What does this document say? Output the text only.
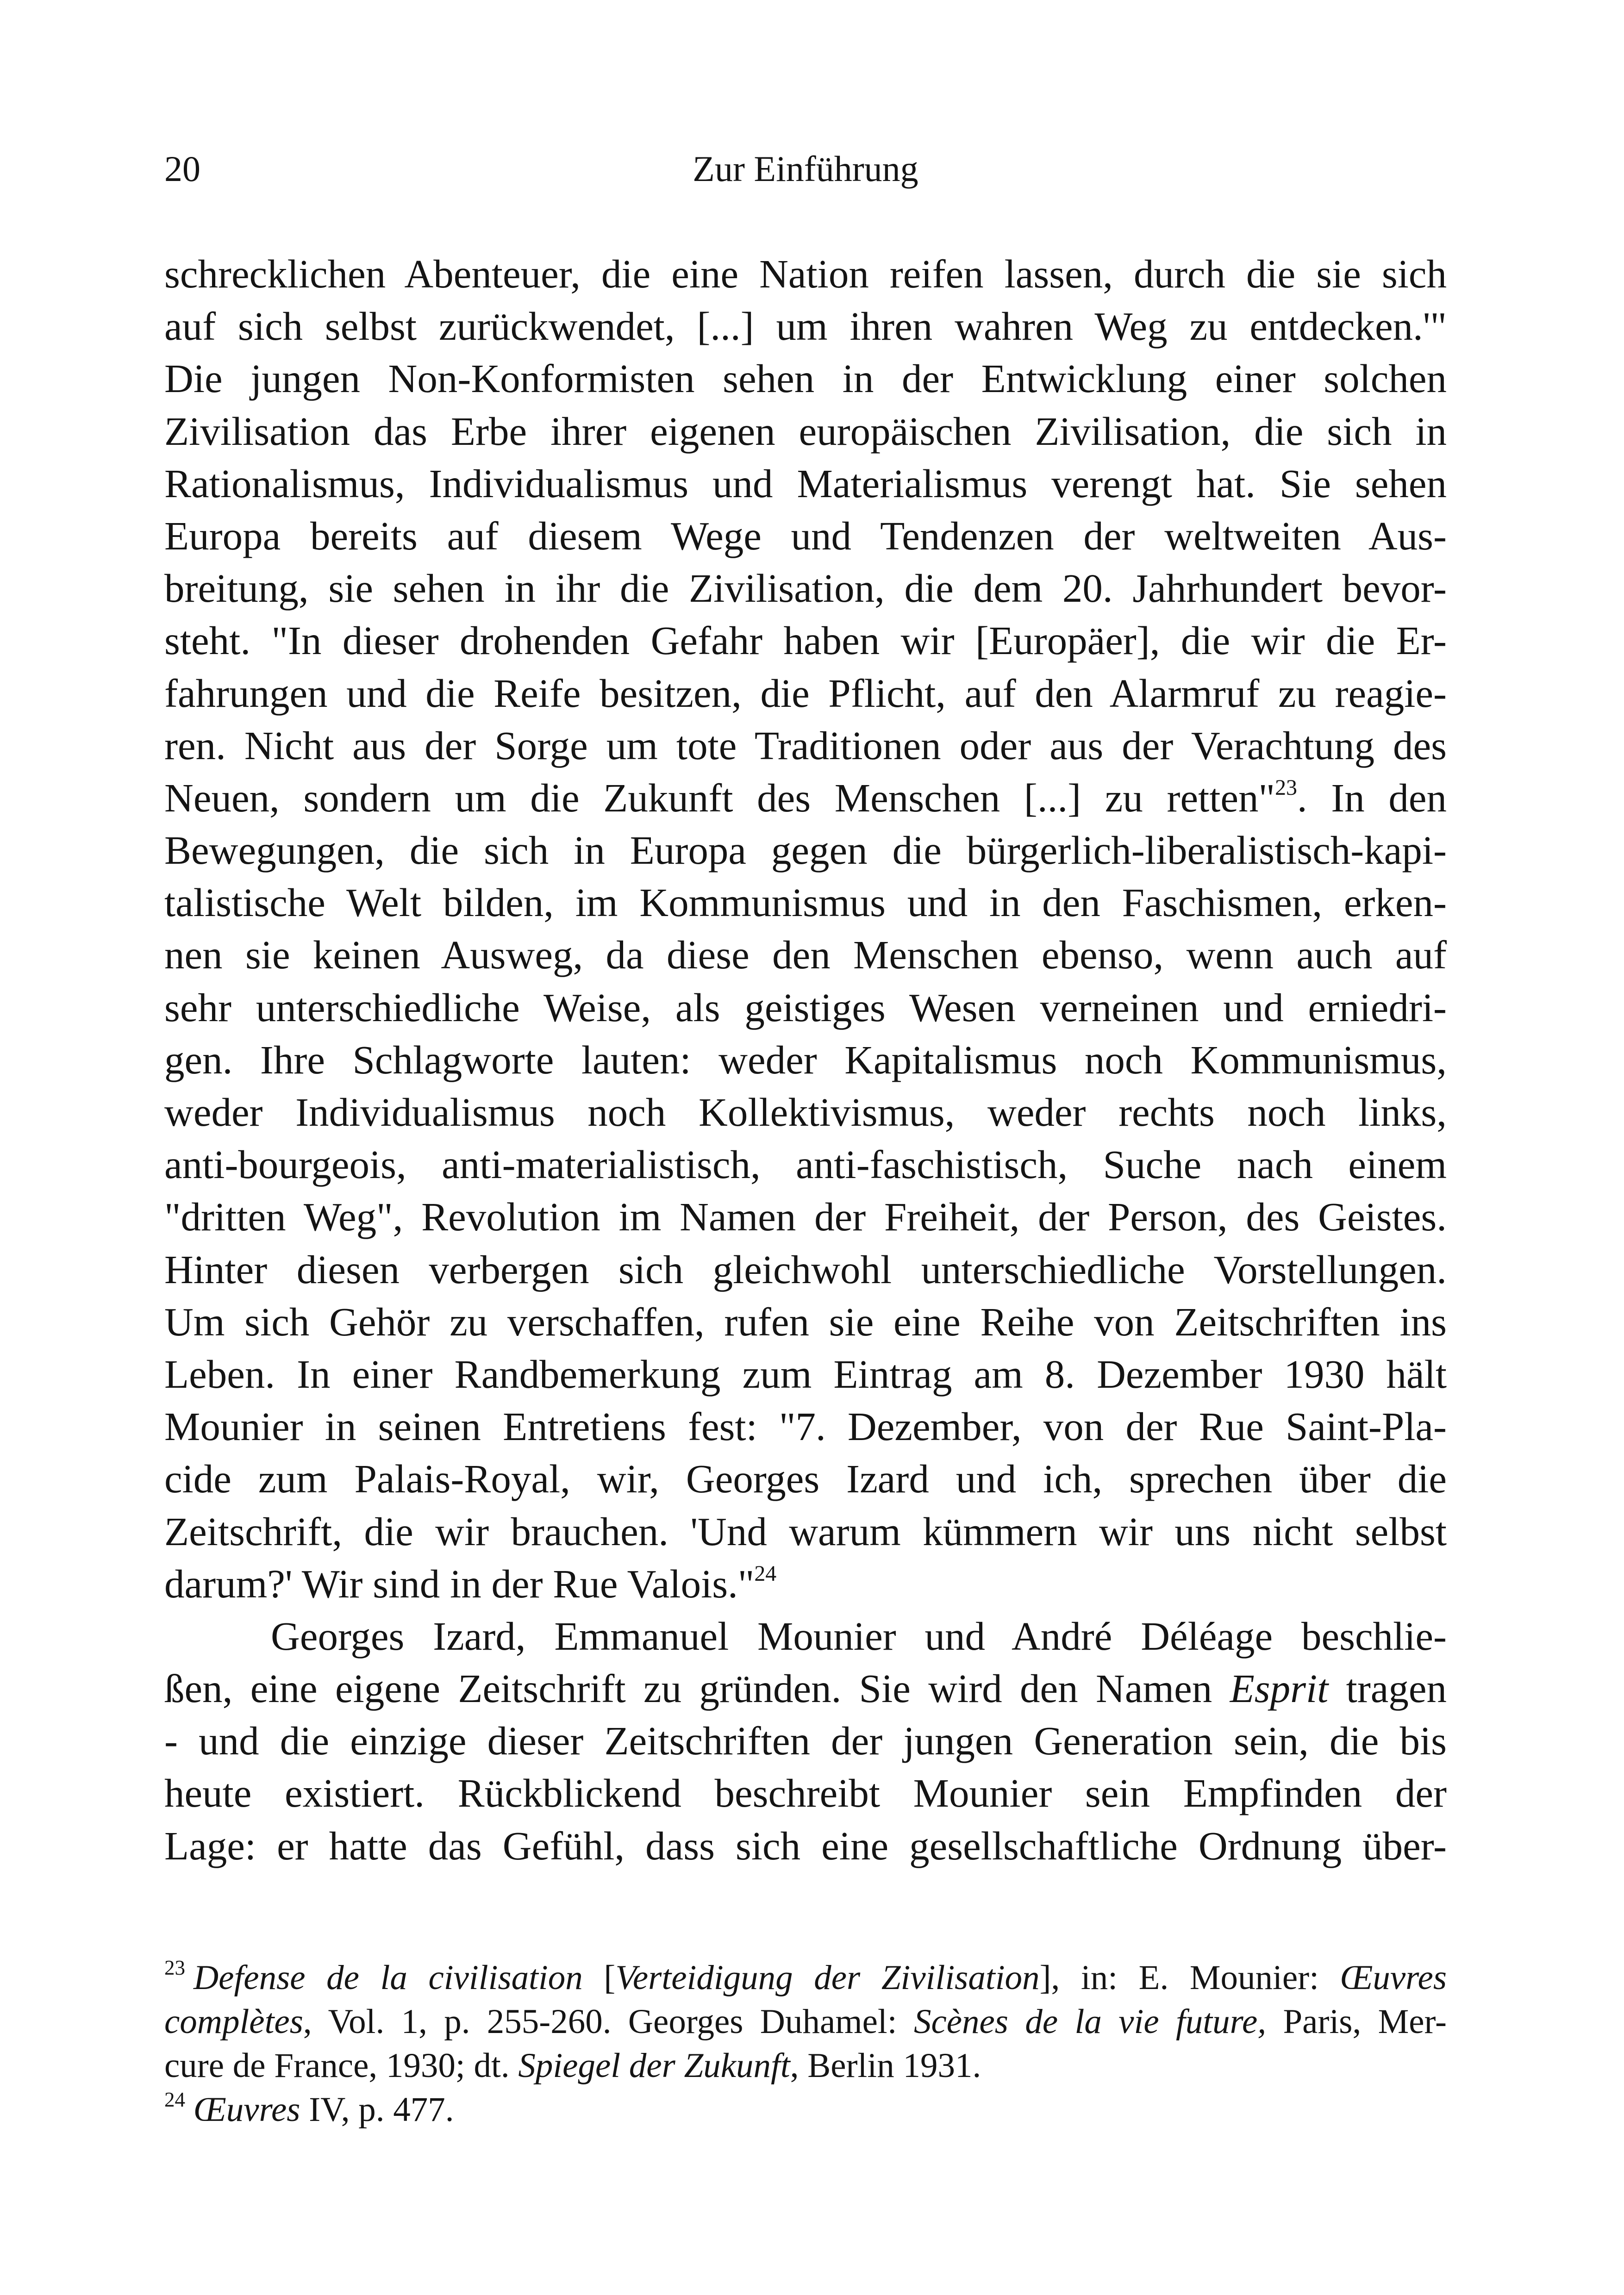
20	Zur Einführung
schrecklichen Abenteuer, die eine Nation reifen lassen, durch die sie sich
auf sich selbst zurückwendet, [...] um ihren wahren Weg zu entdecken.'"
Die jungen Non-Konformisten sehen in der Entwicklung einer solchen
Zivilisation das Erbe ihrer eigenen europäischen Zivilisation, die sich in
Rationalismus, Individualismus und Materialismus verengt hat. Sie sehen
Europa bereits auf diesem Wege und Tendenzen der weltweiten Aus-
breitung, sie sehen in ihr die Zivilisation, die dem 20. Jahrhundert bevor-
steht. "In dieser drohenden Gefahr haben wir [Europäer], die wir die Er-
fahrungen und die Reife besitzen, die Pflicht, auf den Alarmruf zu reagie-
ren. Nicht aus der Sorge um tote Traditionen oder aus der Verachtung des
Neuen, sondern um die Zukunft des Menschen [...] zu retten"$^{23}$. In den
Bewegungen, die sich in Europa gegen die bürgerlich-liberalistisch-kapi-
talistische Welt bilden, im Kommunismus und in den Faschismen, erken-
nen sie keinen Ausweg, da diese den Menschen ebenso, wenn auch auf
sehr unterschiedliche Weise, als geistiges Wesen verneinen und erniedri-
gen. Ihre Schlagworte lauten: weder Kapitalismus noch Kommunismus,
weder Individualismus noch Kollektivismus, weder rechts noch links,
anti-bourgeois, anti-materialistisch, anti-faschistisch, Suche nach einem
"dritten Weg", Revolution im Namen der Freiheit, der Person, des Geistes.
Hinter diesen verbergen sich gleichwohl unterschiedliche Vorstellungen.
Um sich Gehör zu verschaffen, rufen sie eine Reihe von Zeitschriften ins
Leben. In einer Randbemerkung zum Eintrag am 8. Dezember 1930 hält
Mounier in seinen Entretiens fest: "7. Dezember, von der Rue Saint-Pla-
cide zum Palais-Royal, wir, Georges Izard und ich, sprechen über die
Zeitschrift, die wir brauchen. 'Und warum kümmern wir uns nicht selbst
darum?' Wir sind in der Rue Valois."$^{24}$
Georges Izard, Emmanuel Mounier und André Déléage beschlie-
ßen, eine eigene Zeitschrift zu gründen. Sie wird den Namen Esprit tragen
- und die einzige dieser Zeitschriften der jungen Generation sein, die bis
heute existiert. Rückblickend beschreibt Mounier sein Empfinden der
Lage: er hatte das Gefühl, dass sich eine gesellschaftliche Ordnung über-
$^{23}$ Defense de la civilisation [Verteidigung der Zivilisation], in: E. Mounier: Œuvres
complètes, Vol. 1, p. 255-260. Georges Duhamel: Scènes de la vie future, Paris, Mer-
cure de France, 1930; dt. Spiegel der Zukunft, Berlin 1931.
$^{24}$ Œuvres IV, p. 477.
